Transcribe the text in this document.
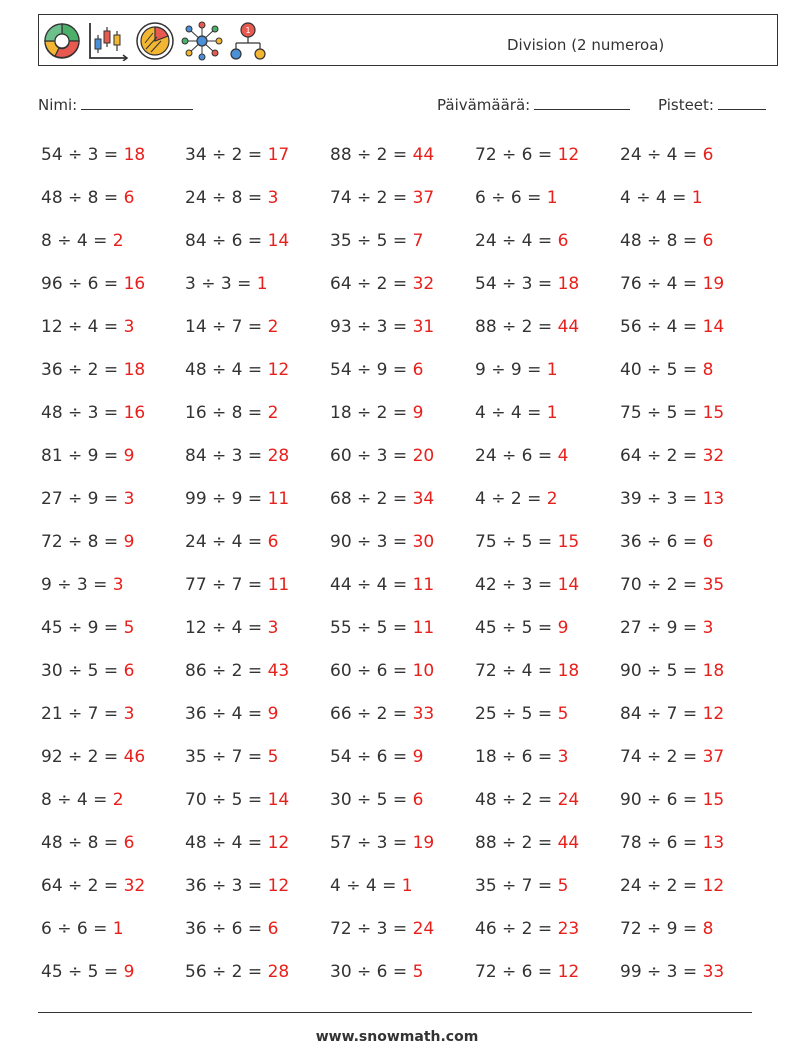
1
Division (2 numeroa)
Nimi:	Päivämäärä:	Pisteet:
54 ÷ 3 = 18
48 ÷ 8 = 6
8 ÷ 4 = 2
96 ÷ 6 = 16
12 ÷ 4 = 3
36 ÷ 2 = 18
48 ÷ 3 = 16
81 ÷ 9 = 9
27 ÷ 9 = 3
72 ÷ 8 = 9
9 ÷ 3 = 3
45 ÷ 9 = 5
30 ÷ 5 = 6
21 ÷ 7 = 3
92 ÷ 2 = 46
8 ÷ 4 = 2
48 ÷ 8 = 6
64 ÷ 2 = 32
6 ÷ 6 = 1
45 ÷ 5 = 9
34 ÷ 2 = 17
24 ÷ 8 = 3
84 ÷ 6 = 14
3 ÷ 3 = 1
14 ÷ 7 = 2
48 ÷ 4 = 12
16 ÷ 8 = 2
84 ÷ 3 = 28
99 ÷ 9 = 11
24 ÷ 4 = 6
77 ÷ 7 = 11
12 ÷ 4 = 3
86 ÷ 2 = 43
36 ÷ 4 = 9
35 ÷ 7 = 5
70 ÷ 5 = 14
48 ÷ 4 = 12
36 ÷ 3 = 12
36 ÷ 6 = 6
56 ÷ 2 = 28
88 ÷ 2 = 44
74 ÷ 2 = 37
35 ÷ 5 = 7
64 ÷ 2 = 32
93 ÷ 3 = 31
54 ÷ 9 = 6
18 ÷ 2 = 9
60 ÷ 3 = 20
68 ÷ 2 = 34
90 ÷ 3 = 30
44 ÷ 4 = 11
55 ÷ 5 = 11
60 ÷ 6 = 10
66 ÷ 2 = 33
54 ÷ 6 = 9
30 ÷ 5 = 6
57 ÷ 3 = 19
4 ÷ 4 = 1
72 ÷ 3 = 24
30 ÷ 6 = 5
72 ÷ 6 = 12
6 ÷ 6 = 1
24 ÷ 4 = 6
54 ÷ 3 = 18
88 ÷ 2 = 44
9 ÷ 9 = 1
4 ÷ 4 = 1
24 ÷ 6 = 4
4 ÷ 2 = 2
75 ÷ 5 = 15
42 ÷ 3 = 14
45 ÷ 5 = 9
72 ÷ 4 = 18
25 ÷ 5 = 5
18 ÷ 6 = 3
48 ÷ 2 = 24
88 ÷ 2 = 44
35 ÷ 7 = 5
46 ÷ 2 = 23
72 ÷ 6 = 12
24 ÷ 4 = 6
4 ÷ 4 = 1
48 ÷ 8 = 6
76 ÷ 4 = 19
56 ÷ 4 = 14
40 ÷ 5 = 8
75 ÷ 5 = 15
64 ÷ 2 = 32
39 ÷ 3 = 13
36 ÷ 6 = 6
70 ÷ 2 = 35
27 ÷ 9 = 3
90 ÷ 5 = 18
84 ÷ 7 = 12
74 ÷ 2 = 37
90 ÷ 6 = 15
78 ÷ 6 = 13
24 ÷ 2 = 12
72 ÷ 9 = 8
99 ÷ 3 = 33
www.snowmath.com
